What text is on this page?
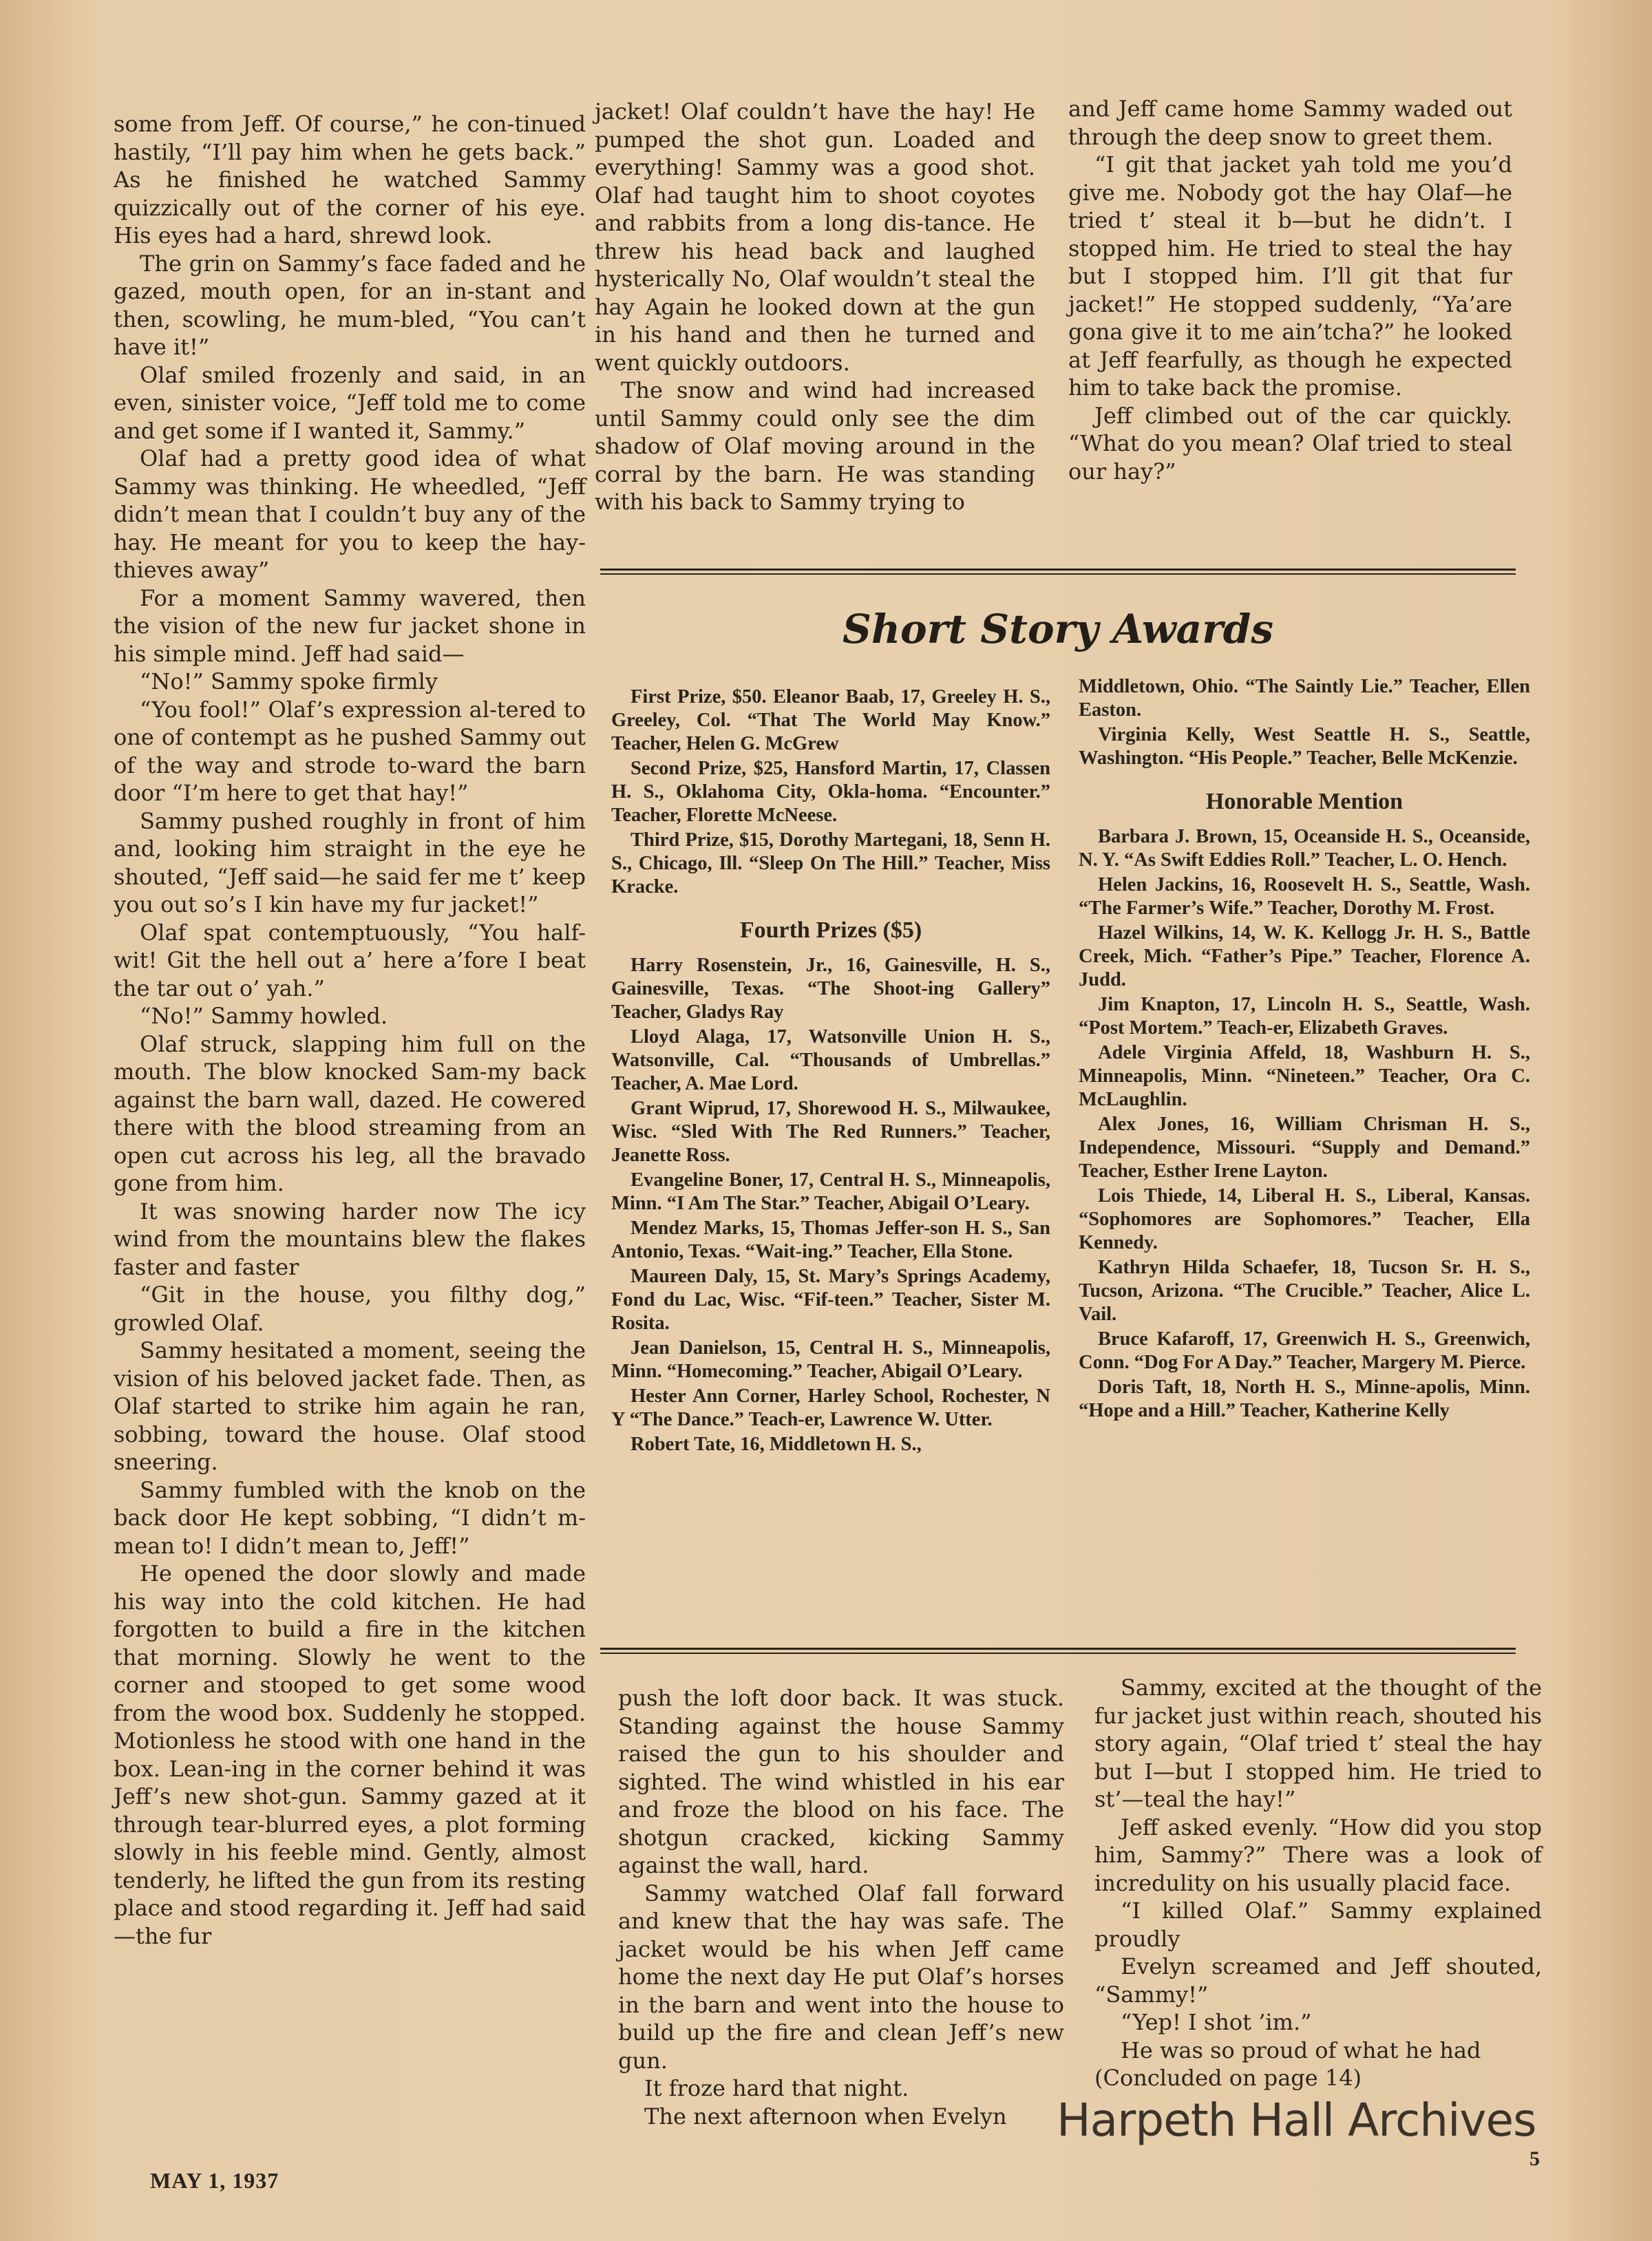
some from Jeff. Of course,” he con-tinued hastily, “I’ll pay him when he gets back.” As he finished he watched Sammy quizzically out of the corner of his eye. His eyes had a hard, shrewd look.

The grin on Sammy’s face faded and he gazed, mouth open, for an in-stant and then, scowling, he mum-bled, “You can’t have it!”

Olaf smiled frozenly and said, in an even, sinister voice, “Jeff told me to come and get some if I wanted it, Sammy.”

Olaf had a pretty good idea of what Sammy was thinking. He wheedled, “Jeff didn’t mean that I couldn’t buy any of the hay. He meant for you to keep the hay-thieves away”

For a moment Sammy wavered, then the vision of the new fur jacket shone in his simple mind. Jeff had said—

“No!” Sammy spoke firmly

“You fool!” Olaf’s expression al-tered to one of contempt as he pushed Sammy out of the way and strode to-ward the barn door “I’m here to get that hay!”

Sammy pushed roughly in front of him and, looking him straight in the eye he shouted, “Jeff said—he said fer me t’ keep you out so’s I kin have my fur jacket!”

Olaf spat contemptuously, “You half-wit! Git the hell out a’ here a’fore I beat the tar out o’ yah.”

“No!” Sammy howled.

Olaf struck, slapping him full on the mouth. The blow knocked Sam-my back against the barn wall, dazed. He cowered there with the blood streaming from an open cut across his leg, all the bravado gone from him.

It was snowing harder now The icy wind from the mountains blew the flakes faster and faster

“Git in the house, you filthy dog,” growled Olaf.

Sammy hesitated a moment, seeing the vision of his beloved jacket fade. Then, as Olaf started to strike him again he ran, sobbing, toward the house. Olaf stood sneering.

Sammy fumbled with the knob on the back door He kept sobbing, “I didn’t m-mean to! I didn’t mean to, Jeff!”

He opened the door slowly and made his way into the cold kitchen. He had forgotten to build a fire in the kitchen that morning. Slowly he went to the corner and stooped to get some wood from the wood box. Suddenly he stopped. Motionless he stood with one hand in the box. Lean-ing in the corner behind it was Jeff’s new shot-gun. Sammy gazed at it through tear-blurred eyes, a plot forming slowly in his feeble mind. Gently, almost tenderly, he lifted the gun from its resting place and stood regarding it. Jeff had said—the fur

jacket! Olaf couldn’t have the hay! He pumped the shot gun. Loaded and everything! Sammy was a good shot. Olaf had taught him to shoot coyotes and rabbits from a long dis-tance. He threw his head back and laughed hysterically No, Olaf wouldn’t steal the hay Again he looked down at the gun in his hand and then he turned and went quickly outdoors.

The snow and wind had increased until Sammy could only see the dim shadow of Olaf moving around in the corral by the barn. He was standing with his back to Sammy trying to

and Jeff came home Sammy waded out through the deep snow to greet them.

“I git that jacket yah told me you’d give me. Nobody got the hay Olaf—he tried t’ steal it b—but he didn’t. I stopped him. He tried to steal the hay but I stopped him. I’ll git that fur jacket!” He stopped suddenly, “Ya’are gona give it to me ain’tcha?” he looked at Jeff fearfully, as though he expected him to take back the promise.

Jeff climbed out of the car quickly. “What do you mean? Olaf tried to steal our hay?”

Short Story Awards

First Prize, $50. Eleanor Baab, 17, Greeley H. S., Greeley, Col. “That The World May Know.” Teacher, Helen G. McGrew

Second Prize, $25, Hansford Martin, 17, Classen H. S., Oklahoma City, Okla-homa. “Encounter.” Teacher, Florette McNeese.

Third Prize, $15, Dorothy Martegani, 18, Senn H. S., Chicago, Ill. “Sleep On The Hill.” Teacher, Miss Kracke.

Fourth Prizes ($5)

Harry Rosenstein, Jr., 16, Gainesville, H. S., Gainesville, Texas. “The Shoot-ing Gallery” Teacher, Gladys Ray

Lloyd Alaga, 17, Watsonville Union H. S., Watsonville, Cal. “Thousands of Umbrellas.” Teacher, A. Mae Lord.

Grant Wiprud, 17, Shorewood H. S., Milwaukee, Wisc. “Sled With The Red Runners.” Teacher, Jeanette Ross.

Evangeline Boner, 17, Central H. S., Minneapolis, Minn. “I Am The Star.” Teacher, Abigail O’Leary.

Mendez Marks, 15, Thomas Jeffer-son H. S., San Antonio, Texas. “Wait-ing.” Teacher, Ella Stone.

Maureen Daly, 15, St. Mary’s Springs Academy, Fond du Lac, Wisc. “Fif-teen.” Teacher, Sister M. Rosita.

Jean Danielson, 15, Central H. S., Minneapolis, Minn. “Homecoming.” Teacher, Abigail O’Leary.

Hester Ann Corner, Harley School, Rochester, N Y “The Dance.” Teach-er, Lawrence W. Utter.

Robert Tate, 16, Middletown H. S.,

Middletown, Ohio. “The Saintly Lie.” Teacher, Ellen Easton.

Virginia Kelly, West Seattle H. S., Seattle, Washington. “His People.” Teacher, Belle McKenzie.

Honorable Mention

Barbara J. Brown, 15, Oceanside H. S., Oceanside, N. Y. “As Swift Eddies Roll.” Teacher, L. O. Hench.

Helen Jackins, 16, Roosevelt H. S., Seattle, Wash. “The Farmer’s Wife.” Teacher, Dorothy M. Frost.

Hazel Wilkins, 14, W. K. Kellogg Jr. H. S., Battle Creek, Mich. “Father’s Pipe.” Teacher, Florence A. Judd.

Jim Knapton, 17, Lincoln H. S., Seattle, Wash. “Post Mortem.” Teach-er, Elizabeth Graves.

Adele Virginia Affeld, 18, Washburn H. S., Minneapolis, Minn. “Nineteen.” Teacher, Ora C. McLaughlin.

Alex Jones, 16, William Chrisman H. S., Independence, Missouri. “Supply and Demand.” Teacher, Esther Irene Layton.

Lois Thiede, 14, Liberal H. S., Liberal, Kansas. “Sophomores are Sophomores.” Teacher, Ella Kennedy.

Kathryn Hilda Schaefer, 18, Tucson Sr. H. S., Tucson, Arizona. “The Crucible.” Teacher, Alice L. Vail.

Bruce Kafaroff, 17, Greenwich H. S., Greenwich, Conn. “Dog For A Day.” Teacher, Margery M. Pierce.

Doris Taft, 18, North H. S., Minne-apolis, Minn. “Hope and a Hill.” Teacher, Katherine Kelly

push the loft door back. It was stuck. Standing against the house Sammy raised the gun to his shoulder and sighted. The wind whistled in his ear and froze the blood on his face. The shotgun cracked, kicking Sammy against the wall, hard.

Sammy watched Olaf fall forward and knew that the hay was safe. The jacket would be his when Jeff came home the next day He put Olaf’s horses in the barn and went into the house to build up the fire and clean Jeff’s new gun.

It froze hard that night.

The next afternoon when Evelyn

Sammy, excited at the thought of the fur jacket just within reach, shouted his story again, “Olaf tried t’ steal the hay but I—but I stopped him. He tried to st’—teal the hay!”

Jeff asked evenly. “How did you stop him, Sammy?” There was a look of incredulity on his usually placid face.

“I killed Olaf.” Sammy explained proudly

Evelyn screamed and Jeff shouted, “Sammy!”

“Yep! I shot ’im.”

He was so proud of what he had

(Concluded on page 14)

MAY 1, 1937
5
Harpeth Hall Archives
